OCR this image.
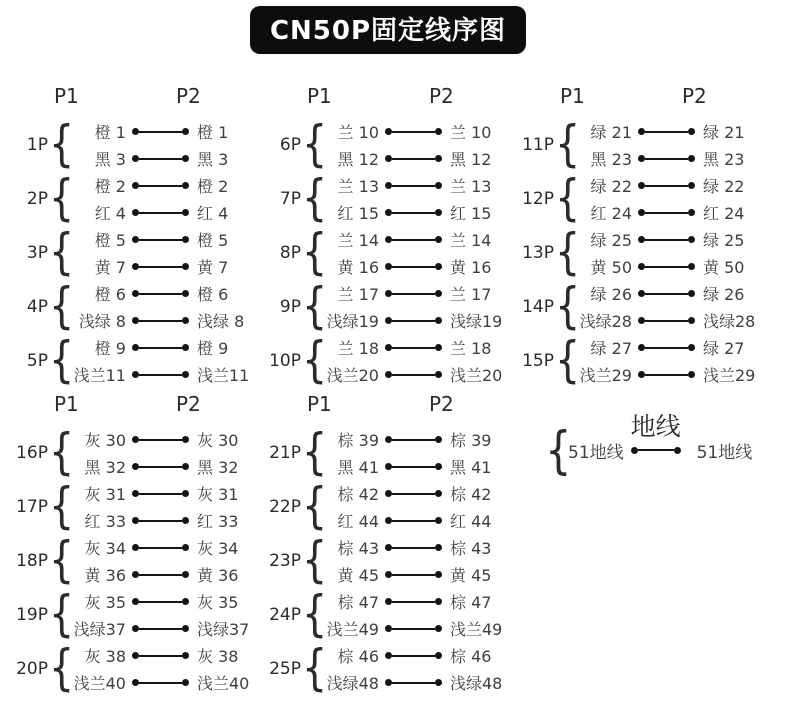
CN50P固定线序图
P1	P2
1P {	橙 1	橙 1
黑 3	黑 3
2P {	橙 2	橙 2
红 4	红 4
3P {	橙 5	橙 5
黄 7	黄 7
4P {	橙 6	橙 6
浅绿 8	浅绿 8
5P {	橙 9	橙 9
浅兰11	浅兰11
P1	P2
6P { 兰 10	兰 10
黑 12	黑 12
7P { 兰 13	兰 13
红 15	红 15
8P { 兰 14	兰 14
黄 16	黄 16
9P { 兰 17	兰 17
浅绿19	浅绿19
10P { 兰 18	兰 18
浅兰20	浅兰20
P1	P2
11P { 绿 21	绿 21
黑 23	黑 23
12P { 绿 22	绿 22
红 24	红 24
13P { 绿 25	绿 25
黄 50	黄 50
14P { 绿 26	绿 26
浅绿28	浅绿28
15P { 绿 27	绿 27
浅兰29	浅兰29
P1	P2
16P { 灰 30	灰 30
黑 32	黑 32
17P { 灰 31	灰 31
红 33	红 33
18P { 灰 34	灰 34
黄 36	黄 36
19P { 灰 35	灰 35
浅绿37	浅绿37
20P { 灰 38	灰 38
浅兰40	浅兰40
P1	P2
21P { 棕 39	棕 39
黑 41	黑 41
22P { 棕 42	棕 42
红 44	红 44
23P { 棕 43	棕 43
黄 45	黄 45
24P { 棕 47	棕 47
浅兰49	浅兰49
25P { 棕 46	棕 46
浅绿48	浅绿48
{
51地线
地线
51地线
